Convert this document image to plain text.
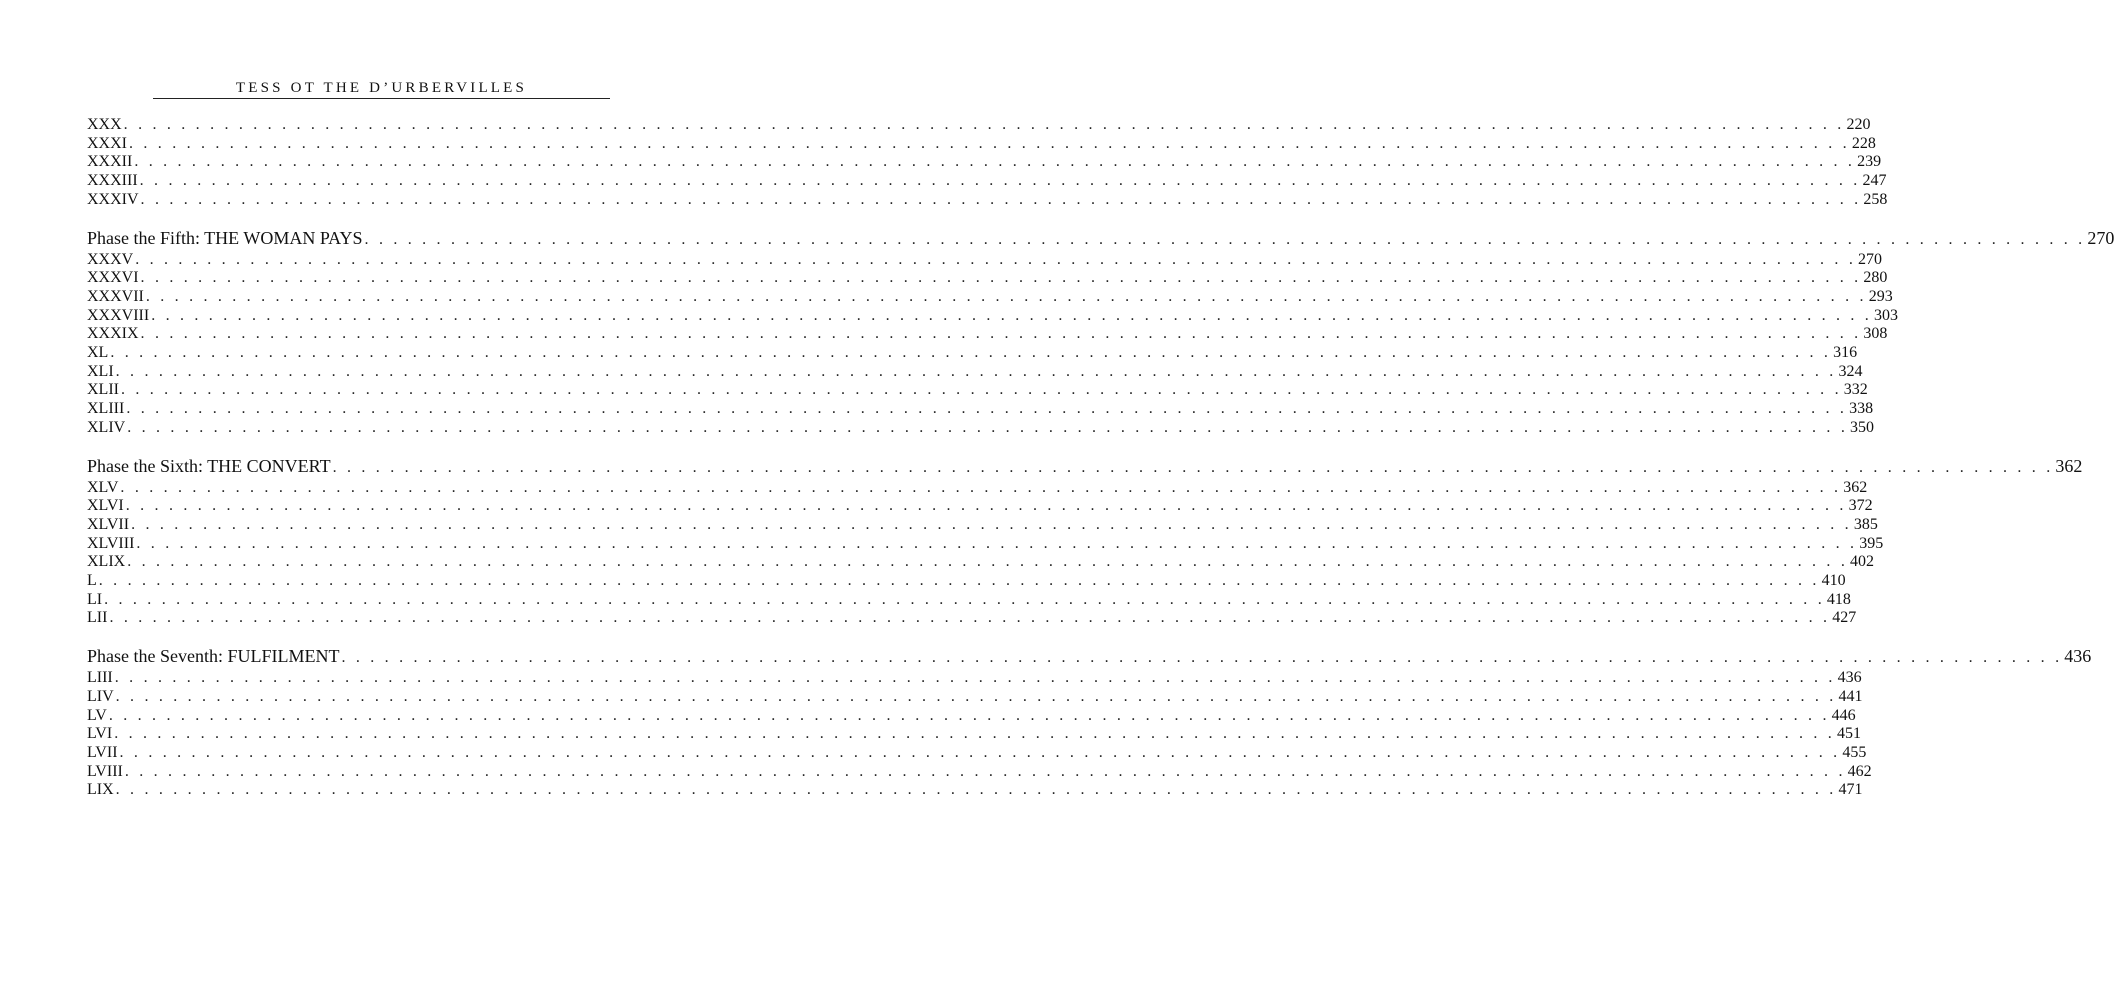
TESS OT THE D’URBERVILLES
XXX . . . . . . . . . . . . . . . . . . . . . . . . . . . . . . . . . . . . . . . . . . . . . . . . . . . . . . . . . . . . . . . . . . . . . . . . . . . . . . . . . . . . . . . . . . . . . . . . . . . . . . . . . . . . . . . . . . . . . . . . 220
XXXI . . . . . . . . . . . . . . . . . . . . . . . . . . . . . . . . . . . . . . . . . . . . . . . . . . . . . . . . . . . . . . . . . . . . . . . . . . . . . . . . . . . . . . . . . . . . . . . . . . . . . . . . . . . . . . . . . . . . . . . . 228
XXXII . . . . . . . . . . . . . . . . . . . . . . . . . . . . . . . . . . . . . . . . . . . . . . . . . . . . . . . . . . . . . . . . . . . . . . . . . . . . . . . . . . . . . . . . . . . . . . . . . . . . . . . . . . . . . . . . . . . . . . . . 239
XXXIII . . . . . . . . . . . . . . . . . . . . . . . . . . . . . . . . . . . . . . . . . . . . . . . . . . . . . . . . . . . . . . . . . . . . . . . . . . . . . . . . . . . . . . . . . . . . . . . . . . . . . . . . . . . . . . . . . . . . . . . . 247
XXXIV . . . . . . . . . . . . . . . . . . . . . . . . . . . . . . . . . . . . . . . . . . . . . . . . . . . . . . . . . . . . . . . . . . . . . . . . . . . . . . . . . . . . . . . . . . . . . . . . . . . . . . . . . . . . . . . . . . . . . . . . 258
Phase the Fifth: THE WOMAN PAYS . . . . . . . . . . . . . . . . . . . . . . . . . . . . . . . . . . . . . . . . . . . . . . . . . . . . . . . . . . . . . . . . . . . . . . . . . . . . . . . . . . . . . . . . . . . . . . . . . . . . . . . . . . . . . . . . . . . . . . . . 270
XXXV . . . . . . . . . . . . . . . . . . . . . . . . . . . . . . . . . . . . . . . . . . . . . . . . . . . . . . . . . . . . . . . . . . . . . . . . . . . . . . . . . . . . . . . . . . . . . . . . . . . . . . . . . . . . . . . . . . . . . . . . 270
XXXVI . . . . . . . . . . . . . . . . . . . . . . . . . . . . . . . . . . . . . . . . . . . . . . . . . . . . . . . . . . . . . . . . . . . . . . . . . . . . . . . . . . . . . . . . . . . . . . . . . . . . . . . . . . . . . . . . . . . . . . . . 280
XXXVII . . . . . . . . . . . . . . . . . . . . . . . . . . . . . . . . . . . . . . . . . . . . . . . . . . . . . . . . . . . . . . . . . . . . . . . . . . . . . . . . . . . . . . . . . . . . . . . . . . . . . . . . . . . . . . . . . . . . . . . . 293
XXXVIII . . . . . . . . . . . . . . . . . . . . . . . . . . . . . . . . . . . . . . . . . . . . . . . . . . . . . . . . . . . . . . . . . . . . . . . . . . . . . . . . . . . . . . . . . . . . . . . . . . . . . . . . . . . . . . . . . . . . . . . . 303
XXXIX . . . . . . . . . . . . . . . . . . . . . . . . . . . . . . . . . . . . . . . . . . . . . . . . . . . . . . . . . . . . . . . . . . . . . . . . . . . . . . . . . . . . . . . . . . . . . . . . . . . . . . . . . . . . . . . . . . . . . . . . 308
XL . . . . . . . . . . . . . . . . . . . . . . . . . . . . . . . . . . . . . . . . . . . . . . . . . . . . . . . . . . . . . . . . . . . . . . . . . . . . . . . . . . . . . . . . . . . . . . . . . . . . . . . . . . . . . . . . . . . . . . . . 316
XLI . . . . . . . . . . . . . . . . . . . . . . . . . . . . . . . . . . . . . . . . . . . . . . . . . . . . . . . . . . . . . . . . . . . . . . . . . . . . . . . . . . . . . . . . . . . . . . . . . . . . . . . . . . . . . . . . . . . . . . . . 324
XLII . . . . . . . . . . . . . . . . . . . . . . . . . . . . . . . . . . . . . . . . . . . . . . . . . . . . . . . . . . . . . . . . . . . . . . . . . . . . . . . . . . . . . . . . . . . . . . . . . . . . . . . . . . . . . . . . . . . . . . . . 332
XLIII . . . . . . . . . . . . . . . . . . . . . . . . . . . . . . . . . . . . . . . . . . . . . . . . . . . . . . . . . . . . . . . . . . . . . . . . . . . . . . . . . . . . . . . . . . . . . . . . . . . . . . . . . . . . . . . . . . . . . . . . 338
XLIV . . . . . . . . . . . . . . . . . . . . . . . . . . . . . . . . . . . . . . . . . . . . . . . . . . . . . . . . . . . . . . . . . . . . . . . . . . . . . . . . . . . . . . . . . . . . . . . . . . . . . . . . . . . . . . . . . . . . . . . . 350
Phase the Sixth: THE CONVERT . . . . . . . . . . . . . . . . . . . . . . . . . . . . . . . . . . . . . . . . . . . . . . . . . . . . . . . . . . . . . . . . . . . . . . . . . . . . . . . . . . . . . . . . . . . . . . . . . . . . . . . . . . . . . . . . . . . . . . . . 362
XLV . . . . . . . . . . . . . . . . . . . . . . . . . . . . . . . . . . . . . . . . . . . . . . . . . . . . . . . . . . . . . . . . . . . . . . . . . . . . . . . . . . . . . . . . . . . . . . . . . . . . . . . . . . . . . . . . . . . . . . . . 362
XLVI . . . . . . . . . . . . . . . . . . . . . . . . . . . . . . . . . . . . . . . . . . . . . . . . . . . . . . . . . . . . . . . . . . . . . . . . . . . . . . . . . . . . . . . . . . . . . . . . . . . . . . . . . . . . . . . . . . . . . . . . 372
XLVII . . . . . . . . . . . . . . . . . . . . . . . . . . . . . . . . . . . . . . . . . . . . . . . . . . . . . . . . . . . . . . . . . . . . . . . . . . . . . . . . . . . . . . . . . . . . . . . . . . . . . . . . . . . . . . . . . . . . . . . . 385
XLVIII . . . . . . . . . . . . . . . . . . . . . . . . . . . . . . . . . . . . . . . . . . . . . . . . . . . . . . . . . . . . . . . . . . . . . . . . . . . . . . . . . . . . . . . . . . . . . . . . . . . . . . . . . . . . . . . . . . . . . . . . 395
XLIX . . . . . . . . . . . . . . . . . . . . . . . . . . . . . . . . . . . . . . . . . . . . . . . . . . . . . . . . . . . . . . . . . . . . . . . . . . . . . . . . . . . . . . . . . . . . . . . . . . . . . . . . . . . . . . . . . . . . . . . . 402
L . . . . . . . . . . . . . . . . . . . . . . . . . . . . . . . . . . . . . . . . . . . . . . . . . . . . . . . . . . . . . . . . . . . . . . . . . . . . . . . . . . . . . . . . . . . . . . . . . . . . . . . . . . . . . . . . . . . . . . . . 410
LI . . . . . . . . . . . . . . . . . . . . . . . . . . . . . . . . . . . . . . . . . . . . . . . . . . . . . . . . . . . . . . . . . . . . . . . . . . . . . . . . . . . . . . . . . . . . . . . . . . . . . . . . . . . . . . . . . . . . . . . . 418
LII . . . . . . . . . . . . . . . . . . . . . . . . . . . . . . . . . . . . . . . . . . . . . . . . . . . . . . . . . . . . . . . . . . . . . . . . . . . . . . . . . . . . . . . . . . . . . . . . . . . . . . . . . . . . . . . . . . . . . . . . 427
Phase the Seventh: FULFILMENT . . . . . . . . . . . . . . . . . . . . . . . . . . . . . . . . . . . . . . . . . . . . . . . . . . . . . . . . . . . . . . . . . . . . . . . . . . . . . . . . . . . . . . . . . . . . . . . . . . . . . . . . . . . . . . . . . . . . . . . . 436
LIII . . . . . . . . . . . . . . . . . . . . . . . . . . . . . . . . . . . . . . . . . . . . . . . . . . . . . . . . . . . . . . . . . . . . . . . . . . . . . . . . . . . . . . . . . . . . . . . . . . . . . . . . . . . . . . . . . . . . . . . . 436
LIV . . . . . . . . . . . . . . . . . . . . . . . . . . . . . . . . . . . . . . . . . . . . . . . . . . . . . . . . . . . . . . . . . . . . . . . . . . . . . . . . . . . . . . . . . . . . . . . . . . . . . . . . . . . . . . . . . . . . . . . . 441
LV . . . . . . . . . . . . . . . . . . . . . . . . . . . . . . . . . . . . . . . . . . . . . . . . . . . . . . . . . . . . . . . . . . . . . . . . . . . . . . . . . . . . . . . . . . . . . . . . . . . . . . . . . . . . . . . . . . . . . . . . 446
LVI . . . . . . . . . . . . . . . . . . . . . . . . . . . . . . . . . . . . . . . . . . . . . . . . . . . . . . . . . . . . . . . . . . . . . . . . . . . . . . . . . . . . . . . . . . . . . . . . . . . . . . . . . . . . . . . . . . . . . . . . 451
LVII . . . . . . . . . . . . . . . . . . . . . . . . . . . . . . . . . . . . . . . . . . . . . . . . . . . . . . . . . . . . . . . . . . . . . . . . . . . . . . . . . . . . . . . . . . . . . . . . . . . . . . . . . . . . . . . . . . . . . . . . 455
LVIII . . . . . . . . . . . . . . . . . . . . . . . . . . . . . . . . . . . . . . . . . . . . . . . . . . . . . . . . . . . . . . . . . . . . . . . . . . . . . . . . . . . . . . . . . . . . . . . . . . . . . . . . . . . . . . . . . . . . . . . . 462
LIX . . . . . . . . . . . . . . . . . . . . . . . . . . . . . . . . . . . . . . . . . . . . . . . . . . . . . . . . . . . . . . . . . . . . . . . . . . . . . . . . . . . . . . . . . . . . . . . . . . . . . . . . . . . . . . . . . . . . . . . . 471
